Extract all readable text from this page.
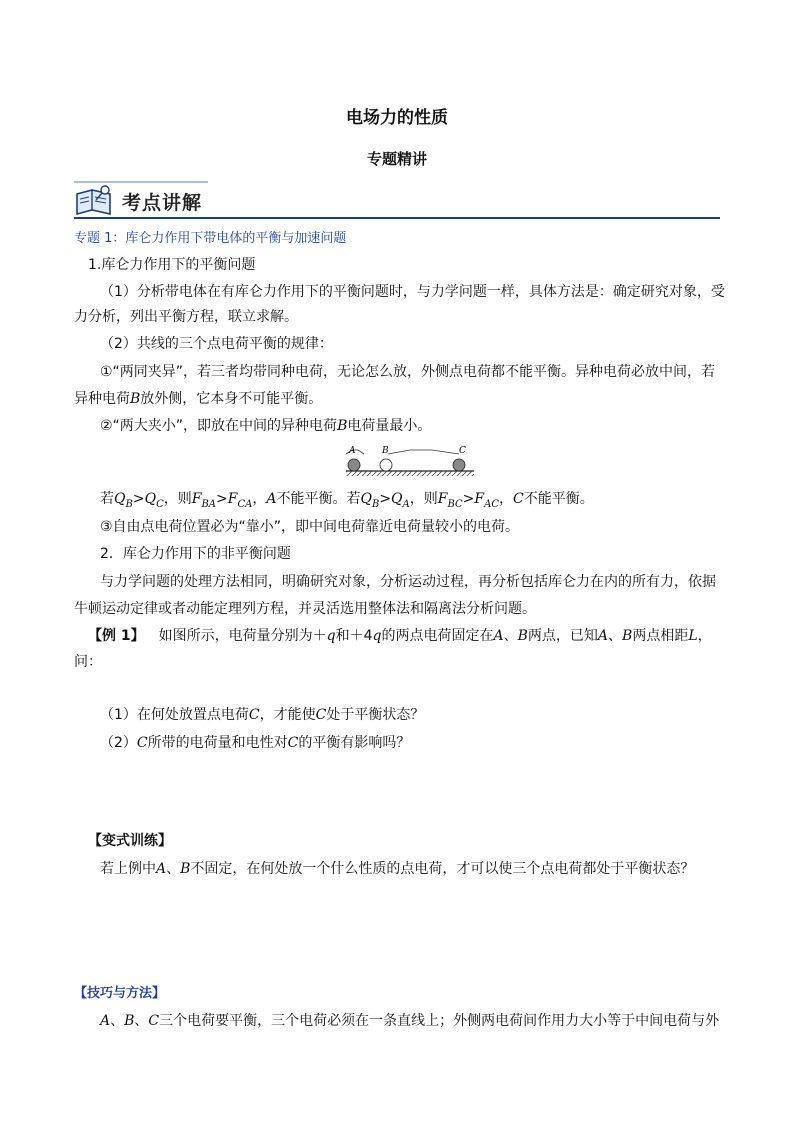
电场力的性质
专题精讲
考点讲解
专题 1：库仑力作用下带电体的平衡与加速问题
1.库仑力作用下的平衡问题
（1）分析带电体在有库仑力作用下的平衡问题时，与力学问题一样，具体方法是：确定研究对象，受
力分析，列出平衡方程，联立求解。
（2）共线的三个点电荷平衡的规律：
①“两同夹异”，若三者均带同种电荷，无论怎么放，外侧点电荷都不能平衡。异种电荷必放中间，若
异种电荷B放外侧，它本身不可能平衡。
②“两大夹小”，即放在中间的异种电荷B电荷量最小。
A	B	C
若$Q_B>Q_C$，则$F_{BA}>F_{CA}$，A不能平衡。若$Q_B>Q_A$，则$F_{BC}>F_{AC}$，C不能平衡。
③自由点电荷位置必为“靠小”，即中间电荷靠近电荷量较小的电荷。
2．库仑力作用下的非平衡问题
与力学问题的处理方法相同，明确研究对象，分析运动过程，再分析包括库仑力在内的所有力，依据
牛顿运动定律或者动能定理列方程，并灵活选用整体法和隔离法分析问题。
【例 1】 如图所示，电荷量分别为＋q和＋4q的两点电荷固定在A、B两点，已知A、B两点相距L，
问：
（1）在何处放置点电荷C，才能使C处于平衡状态？
（2）C所带的电荷量和电性对C的平衡有影响吗？
【变式训练】
若上例中A、B不固定，在何处放一个什么性质的点电荷，才可以使三个点电荷都处于平衡状态？
【技巧与方法】
A、B、C三个电荷要平衡，三个电荷必须在一条直线上；外侧两电荷间作用力大小等于中间电荷与外
